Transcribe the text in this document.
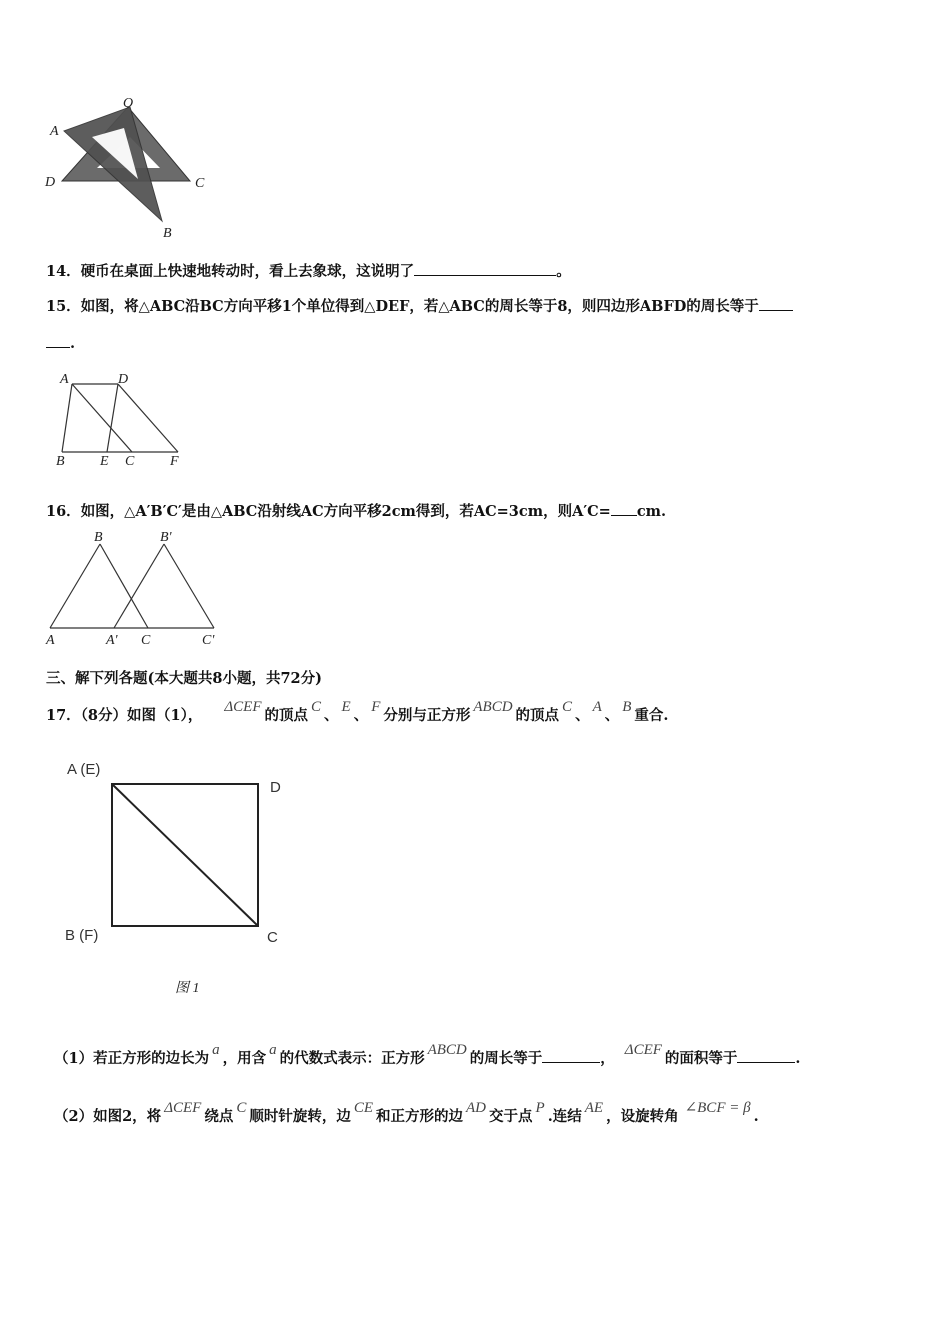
O
A
D	C
B
14．硬币在桌面上快速地转动时，看上去象球，这说明了	。
15．如图，将△ABC沿BC方向平移1个单位得到△DEF，若△ABC的周长等于8，则四边形ABFD的周长等于
.
A	D
B	E C	F
16．如图，△A′B′C′是由△ABC沿射线AC方向平移2cm得到，若AC=3cm，则A′C= cm.
B	B'
A	A' C	C'
三、解下列各题(本大题共8小题，共72分)
17．（8分）如图（1）， ΔCEF 的顶点 C 、 E 、 F 分别与正方形 ABCD 的顶点 C 、 A 、 B 重合.
A (E)
D
B (F)	C
图 1
（1）若正方形的边长为 a ，用含 a 的代数式表示：正方形 ABCD 的周长等于	， ΔCEF 的面积等于	.
（2）如图2，将 ΔCEF 绕点 C 顺时针旋转，边 CE 和正方形的边 AD 交于点 P .连结 AE ，设旋转角 ∠BCF = β .
